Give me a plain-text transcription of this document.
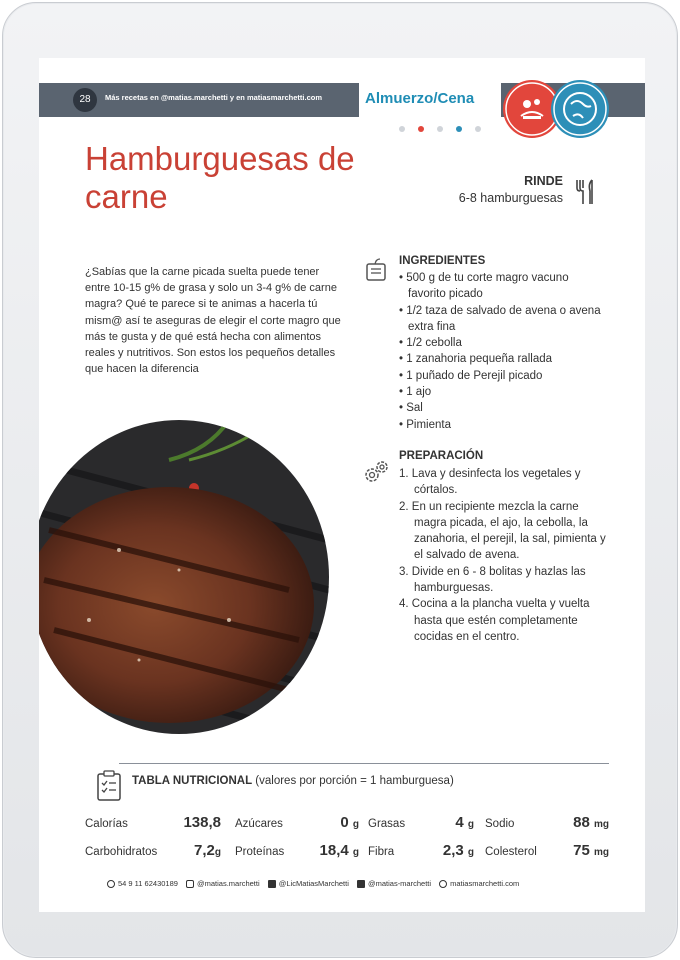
28	Más recetas en @matias.marchetti y en matiasmarchetti.com	Almuerzo/Cena
Hamburguesas de carne	RINDE
6-8 hamburguesas
¿Sabías que la carne picada suelta puede tener entre 10-15 g% de grasa y solo un 3-4 g% de carne magra? Qué te parece si te animas a hacerla tú mism@ así te aseguras de elegir el corte magro que más te gusta y de qué está hecha con alimentos reales y nutritivos. Son estos los pequeños detalles que hacen la diferencia
INGREDIENTES
• 500 g de tu corte magro vacuno favorito picado
• 1/2 taza de salvado de avena o avena extra fina
• 1/2 cebolla
• 1 zanahoria pequeña rallada
• 1 puñado de Perejil picado
• 1 ajo
• Sal
• Pimienta
PREPARACIÓN
1. Lava y desinfecta los vegetales y córtalos.
2. En un recipiente mezcla la carne magra picada, el ajo, la cebolla, la zanahoria, el perejil, la sal, pimienta y el salvado de avena.
3. Divide en 6 - 8 bolitas y hazlas las hamburguesas.
4. Cocina a la plancha vuelta y vuelta hasta que estén completamente cocidas en el centro.
TABLA NUTRICIONAL (valores por porción = 1 hamburguesa)
Calorías	138,8 Azúcares	0 g Grasas	4 g Sodio	88 mg
Carbohidratos	7,2g Proteínas	18,4 g Fibra	2,3 g Colesterol	75 mg
54 9 11 62430189	@matias.marchetti	@LicMatiasMarchetti	@matias-marchetti	matiasmarchetti.com
